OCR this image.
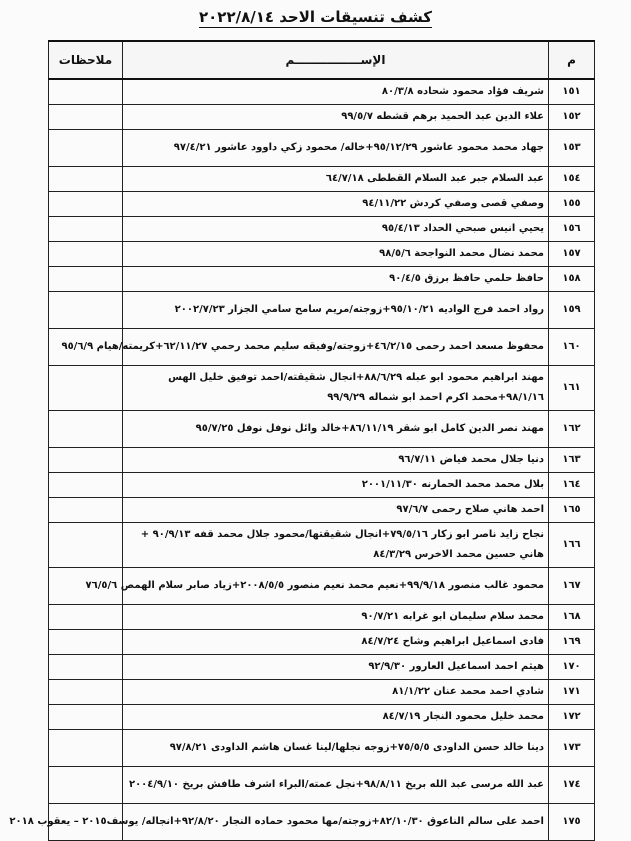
كشف تنسيقات الاحد ٢٠٢٢/٨/١٤
م	الإســــــــــــــــم	ملاحظات
١٥١	شريف فؤاد محمود شحاده ٨٠/٣/٨	
١٥٢	علاء الدين عبد الحميد برهم قشطه ٩٩/٥/٧	
١٥٣	جهاد محمد محمود عاشور ٩٥/١٢/٢٩+خاله/ محمود زكي داوود عاشور ٩٧/٤/٢١	
١٥٤	عبد السلام جبر عبد السلام القططى ٦٤/٧/١٨	
١٥٥	وصفي قصى وصفي كردش ٩٤/١١/٢٢	
١٥٦	يحيي انيس صبحي الحداد ٩٥/٤/١٣	
١٥٧	محمد نضال محمد النواجحة ٩٨/٥/٦	
١٥٨	حافظ حلمي حافظ برزق ٩٠/٤/٥	
١٥٩	رواد احمد فرج الواديه ٩٥/١٠/٢١+زوجته/مريم سامح سامي الجزار ٢٠٠٢/٧/٢٣	
١٦٠	محفوظ مسعد احمد رحمى ٤٦/٢/١٥+زوجته/وفيقه سليم محمد رحمي ٦٢/١١/٢٧+كريمته/هيام ٩٥/٦/٩	
١٦١	مهند ابراهيم محمود ابو عبله ٨٨/٦/٢٩+انجال شقيقته/احمد توفيق خليل الهس ٩٨/١/١٦+محمد اكرم احمد ابو شماله ٩٩/٩/٢٩	
١٦٢	مهند نصر الدين كامل ابو شقر ٨٦/١١/١٩+خالد وائل نوفل نوفل ٩٥/٧/٢٥	
١٦٣	دنيا جلال محمد فياض ٩٦/٧/١١	
١٦٤	بلال محمد محمد الحمارنه ٢٠٠١/١١/٣٠	
١٦٥	احمد هاني صلاح رحمى ٩٧/٦/٧	
١٦٦	نجاح زايد ناصر ابو زكار ٧٩/٥/١٦+انجال شقيقتها/محمود جلال محمد قفه ٩٠/٩/١٣ + هاني حسين محمد الاخرس ٨٤/٣/٢٩	
١٦٧	محمود غالب منصور ٩٩/٩/١٨+نعيم محمد نعيم منصور ٢٠٠٨/٥/٥+زياد صابر سلام الهمص ٧٦/٥/٦	
١٦٨	محمد سلام سليمان ابو غرابه ٩٠/٧/٢١	
١٦٩	فادى اسماعيل ابراهيم وشاح ٨٤/٧/٢٤	
١٧٠	هيثم احمد اسماعيل العارور ٩٢/٩/٣٠	
١٧١	شادي احمد محمد عنان ٨١/١/٢٢	
١٧٢	محمد خليل محمود النجار ٨٤/٧/١٩	
١٧٣	دينا خالد حسن الداودى ٧٥/٥/٥+زوجه نجلها/لينا غسان هاشم الداودى ٩٧/٨/٢١	
١٧٤	عبد الله مرسى عبد الله بريخ ٩٨/٨/١١+نجل عمته/البراء اشرف طافش بريخ ٢٠٠٤/٩/١٠	
١٧٥	احمد على سالم الناعوق ٨٢/١٠/٣٠+زوجته/مها محمود حماده النجار ٩٢/٨/٢٠+انجاله/ يوسف٢٠١٥ – يعقوب ٢٠١٨	
